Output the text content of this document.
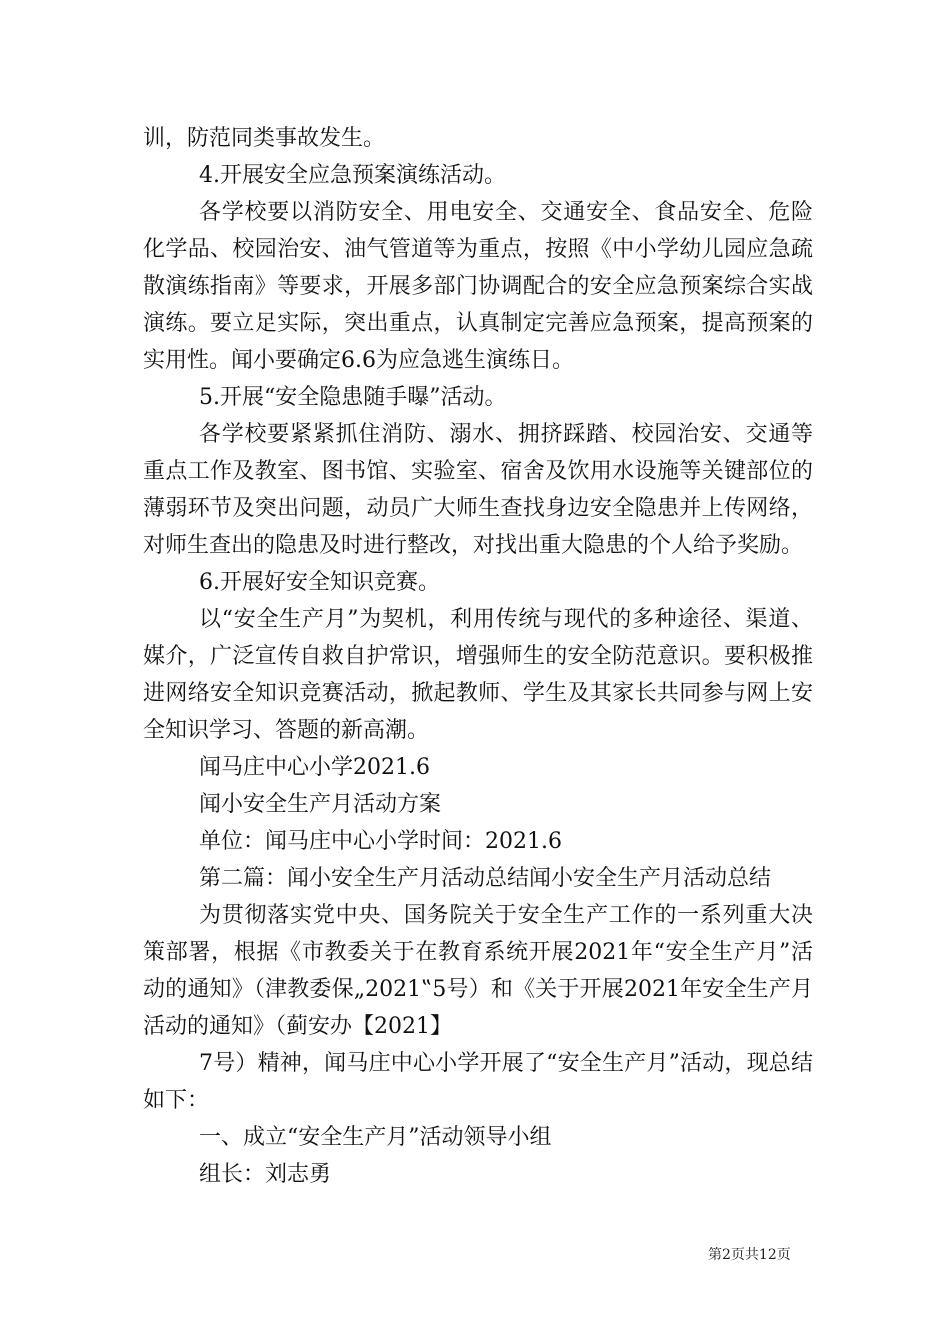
训，防范同类事故发生。

4.开展安全应急预案演练活动。

各学校要以消防安全、用电安全、交通安全、食品安全、危险化学品、校园治安、油气管道等为重点，按照《中小学幼儿园应急疏散演练指南》等要求，开展多部门协调配合的安全应急预案综合实战演练。要立足实际，突出重点，认真制定完善应急预案，提高预案的实用性。闻小要确定6.6为应急逃生演练日。

5.开展“安全隐患随手曝”活动。

各学校要紧紧抓住消防、溺水、拥挤踩踏、校园治安、交通等重点工作及教室、图书馆、实验室、宿舍及饮用水设施等关键部位的薄弱环节及突出问题，动员广大师生查找身边安全隐患并上传网络，对师生查出的隐患及时进行整改，对找出重大隐患的个人给予奖励。

6.开展好安全知识竞赛。

以“安全生产月”为契机，利用传统与现代的多种途径、渠道、媒介，广泛宣传自救自护常识，增强师生的安全防范意识。要积极推进网络安全知识竞赛活动，掀起教师、学生及其家长共同参与网上安全知识学习、答题的新高潮。

闻马庄中心小学2021.6

闻小安全生产月活动方案

单位：闻马庄中心小学时间：2021.6

第二篇：闻小安全生产月活动总结闻小安全生产月活动总结

为贯彻落实党中央、国务院关于安全生产工作的一系列重大决策部署，根据《市教委关于在教育系统开展2021年“安全生产月”活动的通知》（津教委保„2021‟5号）和《关于开展2021年安全生产月活动的通知》（蓟安办【2021】

7号）精神，闻马庄中心小学开展了“安全生产月”活动，现总结如下：

一、成立“安全生产月”活动领导小组

组长：刘志勇

第2页共12页
